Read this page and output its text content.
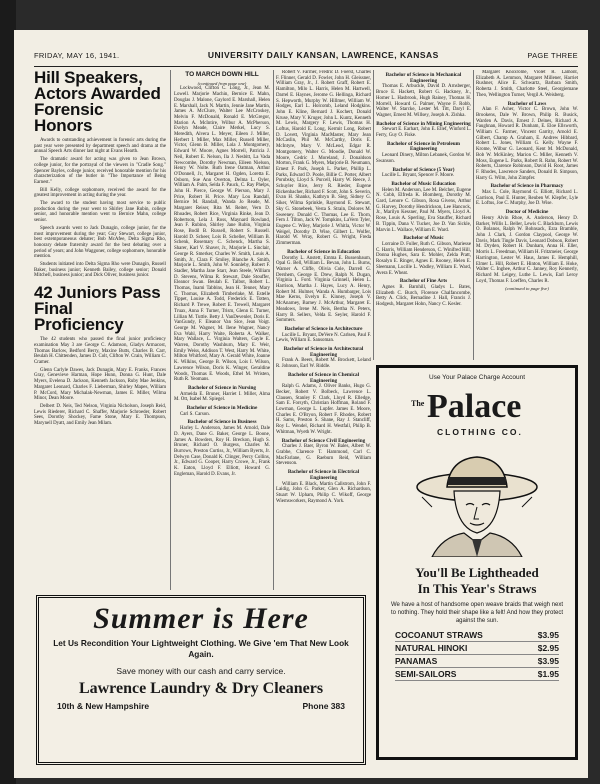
FRIDAY, MAY 16, 1941.	UNIVERSITY DAILY KANSAN, LAWRENCE, KANSAS	PAGE THREE
Hill Speakers, Actors Awarded Forensic Honors

Awards to outstanding achievement in forensic arts during the past year were presented by department speech and drama at the annual Speech Arts dinner last night at Evans Hearth.

The dramatic award for acting was given to Jean Brown, college junior, for the portrayal of the viewers in "Cradle Song." Spencer Bayles, college junior, received honorable mention for his characterization of the butler in "The Importance of Being Earnest."

Bill Kelly, college sophomore, received the award for the greatest improvement in acting during the year.

The award to the student having most service to public production during the year went to Shirley Jane Rubin, college senior, and honorable mention went to Bernice Mahn, college senior.

Speech awards went to Jack Dunagin, college junior, for the most improvement during the year; Guy Stewart, college junior, best extemporaneous debater; Bob McAfee, Delta Sigma Rho, honorary debate fraternity award for the best debating over a period of years; and John Waggoner, college sophomore, honorable mention.

Students initiated into Delta Sigma Rho were Dunagin, Russell Baker, business junior; Kenneth Bailey, college senior; Donald Mitchell, business junior; and Dick Oliver, business junior.

42 Juniors Pass Final Proficiency

The 42 students who passed the final junior proficiency examination May 3 are George C. Adamson, Gladys Armacost, Thomas Barlow, Bedford Berry, Maxine Butts, Charles B. Carr, Beulah H. Chittenden, James D. Colt, Clifton W. Crain, William C. Cramer.

Glenn Carlyle Dawes, Jack Dunagin, Mary E. Franks, Frances Gray, Genevieve Harman, Hope Hunn, Donna G. Hunt, Dale Myers, Evelena D. Jackson, Kenneth Jackson, Ruby Mae Jenkins, Margaret Leonard, Charles F. Lieberman, Shirley Mapes, William P. McCord, Mary Michalak-Newman, James E. Miller, Wilma Minor, Dean Moore.

Delbert D. Neis, Ted Nelson, Virginia Nicholson, Joseph Reid, Lewis Riederer, Richard C. Shaffer, Marjorie Schroeder, Robert Sees, Dorothy Shockey, Fame Stone, Mary E. Thompson, Marynell Dyatt, and Emily Jean Milam.

TO MARCH DOWN HILL
(continued from page one)

Lockwood, Clifton C. Long, Jr., Jean M. Lowell. Marjorie Machin, Bernice E. Mahn, Douglas J. Malone, Gaylord E. Marshall, Helen E. Marshall, Jack N. Martin, Jennie Jane Martin, James A. McClure, Walter Lee McCroskey, Melvin F. McDonald, Ronald E. McGregor, Marion A. McIntire, Wilbur A. McPherson, Evelyn Meade, Claire Merkel, Lucy S. Meredith, Alvera L. Meyer, Eileen J. Miller, Herbert I. Miller, Max Miller, Russell Miller, Victor, Glenn B. Miller, Lola J. Montgomery, Edward W. Moore, Agnes Morrell, Patricia J. Neil, Robert E. Nelson, Ila J. Nesbitt, La Vada Newcombe, Dorothy Newman, Eileen Nielson, Henry W. Nolte. Ruth Irene Oatman, Arthur O'Donnell, Jr., Margaret H. Ogden, Loretta E. Osborn, Sue Ann Overton, Delma L. Oyler, William A. Palm, Selda F. Pauck, C. Ray Phelps, John H. Pierce, George W. Pierson, Mary J. Price, Robert H. Price. Mary Lou Randall, Bernice M. Randall, Wanda Jo Reade, M. Margaret Reiser, Rita M. Reiter, Vern D. Rhoades, Robert Rice, Virginia Rinke, Jean D. Robertson, Lela J. Ross, Maynard Rowland, Jean F. Rubino, Shirley Jane Rubin, Virginia Rose, Bodil B. Russell, Robert S. Russell. Harold D. Scheer, Lois B. Scheller, William B. Schenk, Rosemary C. Schenck, Martha S. Sharer, Karl V. Shaver, Jr., Marjorie L. Sinclair, George R. Smerker, Charles W. Smith, Louis A. Smith, Jr., Clara F. Smiley, Blanche A. Smith, Marjorie L. Smith, John W. Sonnleby, Robert F. Stadler, Martha Jane Starr, Jean Steele, William D. Stevens, Wilma R. Stewart, Dale Stouffer, Eleanor Swan. Beulah E. Talbot, Robert L. Thomas, Inami Tabbins, Jean H. Tenner, Mary C. Thomas, Elizabeth Timberlake, M. Estelle Tippet, Louise A. Todd, Frederick E. Totten, Richard P. Trewe, Robert E. Trewell, Margaret Truax, Anna F. Turner, Trism, Glenn E. Turner, Lillian M. Tuttle. Betty J. VanDevenler, Doris E. VanGundy, F. Eleanor Van Sice, Jean Voigt. George M. Wagner, M. Ilene Wagner, Nancy Eva Wahl, Harry Waite, Roberta A. Walker, Mary Wallace, L. Virginia Walters, Gayle E. Warren, Dorothy Washburn, Mary E. Weir, Emily Weiss, Addison T. West, Harry M. White, Milton Whitford, Mary A. Gerald White, Joanne K. Wilkins, George B. Wilson, Lois I. Wilson, Lawrence Wilson, Doris K. Winger, Geraldine Woods, Thomas E. Woods, Ethel M. Wristen, Ruth R. Yeomans.

Bachelor of Science in Nursing

Armeida E. Bruner, Harriet I. Miller, Alma M. Ott, Isabel M. Spiegel.

Bachelor of Science in Medicine

Carl S. Carson.

Bachelor of Science in Business

Harley L. Anderson, James M. Arnold, Dale D. Ayers, Dane G. Baker, George L. Boone, James A. Bowders, Roy H. Breckon, Hugh S. Bruner, Richard O. Burgess, Charles M. Burrows, Preston Curtiss, Jr., William Byerts, Jr. Delwyn Case, Donald K. Clinger, Percy Collins, Jr., Edward G. Cooper, Harry Crowe, Jr., Frank K. Eaton, Lloyd F. Elliott, Howard G. Engleman, Harold D. Evans, Jr.

Robert V. Farmer, Fredric D. Foerst, Charles F. Flinner, Gerald D. Fowler, John H. Gleissner, William Gray, Jr., J. Robert Graff, Robert E. Hamilton, Milo L. Harris, Helen M. Hartwell, Darrel E. Haynes, Jerome G. Hellinga, Richard S. Hepworth, Murphy W. Hillmer, William W. Hodges, Earl L. Holcomb, Leland Hodgkins. John E. Kline, Bernard J. Kochert, Donald Kruse, Mary V. Kruger, John L. Kuntz, Kenneth M. Lewis, Margery F. Lewis, Thomas H. Loftus, Harold E. Long, Kermit Long, Robert D. Lovett, Virginia MacMaster, Mary Jean McCaslin, Phil M. McCarthy, Doris E. McIntyre, Mary V. McLeod, Edgar R. Montgomery, Walter G. Moodie, Donald W. Moore, Cedric J. Moreland, J. Donaldson Morton, Frank G. Myers, Marjorie B. Neumann, Ernest F. Park, Joseph L. Parker, Phillip L. Parks, Edward D. Poole, Billie C. Porter, Albert Porubsky, Lloyd S. Purcell, Harry W. Reece, J. Schuyler Rice, Jerry R. Rieder, Eugene Rickenbacher, Richard F. Scott, John S. Severin, Evan H. Shanks, Kathryn B. Sieg, Sidney G. Siker, Wilma Sprinkle, Raymond E. Stewart, Sky G. Stonebeek, Vesta S. Strain, Dolores M. Sweeney. Donald C. Thomas, Lee E. Thorn, Fern J. Tilton, Jack W. Tompkins, LaVern Tyler, Eugene C. Wiley, Marjorie J. Whitla, Victor W. Weigel, Dorothy D. Wise, Gilbert L. Wolfer, Harold W. Wray, Robert G. Wright, Freda Zimmerman.

Bachelor of Science in Education

Dorothy L. Anstett, Emma E. Bussenbaum, Opal G. Bell, William L. Bevan, John L. Burns, Warner A. Cliffe, Olivia Cole, Darrell G. Dershem, George E. Drew, Ralph N. Dugan, Virginia L. Ford. Virginia Grinnell, Helen L. Harrison, Martha J. Hayes, Lucy A. Henry, Robert M. Hulmer, Wanda A. Humbarger, Lois Mae Kerns, Evelyn E. Kinney, Joseph V. McAnarney, Barney J. McArthur, Margaret E. Meadows, Irene M. Neis, Bertha N. Peters, Harry B. Sellers, Velda E. Seyler, Harold F. Sommers.

Bachelor of Science in Architecture

Lucille L. Bryant, DeVere N. Carlsen, Paul F. Lewis, William E. Sansoman.

Bachelor of Science in Architectural Engineering

Frank A. Beers, Robert M. Brockett, Leland R. Johnson, Earl W. Riddle.

Bachelor of Science in Chemical Engineering

Ralph G. Adams, J. Oliver Banks, Hugo G. Becker, Robert V. Bolbeck, Lawrence L. Clausen, Stanley F. Clark, Lloyd R. Elledge, Sam E. Forsyth, Christian Hoffman, Roland F. Lowman, George L. Lupfer. James E. Moore, Charles E. O'Bryon, Robert F. Rhodes, Robert H. Sams, Preston S. Shane, Ray J. Stancliff, Roy L. Wendel, Richard H. Westfall, Philip B. Whitman, Wyeth W. Wright.

Bachelor of Science Civil Engineering

Charles J. Baer, Byron W. Bales, Albert W. Grabhe, Clarence T. Hammond, Carl C. MacFarlane, G. Raeburn Reid, William Stevenson.

Bachelor of Science in Electrical Engineering

William E. Black, Martin Callstrom, John F. Laidig, John G. Parker, Glen A. Richardson, Stuart W. Upham, Philip C. Wikoff, George Wiemsworkers, Raymond A. York.

Bachelor of Science in Mechanical Engineering

Thomas E. Arbuckle, David D. Arnsberger, Bruce E. Hackett, Robert G. Hackney, Jr., Homer L. Hasbrook, Hugh Rainey, Thomas H. Morrell, Howard G. Palmer, Wayne F. Robb, Walter W. Starcke, Lester M. Titt, Daryl E. Wagner, Ernest M. Willsey, Joseph A. Zishka.

Bachelor of Science in Mining Engineering

Stewart E. Earhart, John E. Ellef, Winford L. Ferry, Guy O. Fiske.

Bachelor of Science in Petroleum Engineering

Leonard Dinery, Milton Lebanek, Gordon W. Swanson.

Bachelor of Science (5 Year)

Lucille L. Bryant, Spencer F. Moore.

Bachelor of Music Education

Helen M. Anderson, Lee M. Belcher, Eugene N. Cobb, Elfreda K. Blomberg, Dorothy M. Gard, Lenore C. Gibson, Rosa Givens, Arthur G. Harvey, Dorothy Hendrickson, Lee Hancock, Jr., Marilyn Kessner, Paul M. Myers, Lloyd A. Rose, Louis A. Sperling, Eva Stauffer, Richard B. Tippin, Dana V. Tucker, Joe D. Van Sickle, Marvin L. Wallace, William E. Ward.

Bachelor of Music

Lorraine D. Fuller, Ruth C. Gibson, Mariesse C. Harris, William Henderson, C. Winifred Hill, Donna Hughes, Sara E. Mohler, Zelda Pratt, Rosalyn E. Ringer, Agnes E. Rooney, Helen E. Sleemann, Lucille L. Wadley, William E. Ward, Avera E. Wheat.

Bachelor of Fine Arts

Agnes R. Barnhill, Gladys L. Bates, Elizabeth C. Burch, Florence Chalfancombe, Betty A. Click, Bernadine J. Hall, Francis J. Hodgesh, Margaret Hohn, Nancy C. Kesler.

Margaret Knoxrome, Violet R. Lamont, Elizabeth A. Lemmon, Margaret Millener, Harriet Rushner, Alice E. Schwartz, Barbara Smith, Roberta J. Smith, Charlotte Steel, Georgiemane Theo, Wellington Turner, Vergil A. Weisberg.

Bachelor of Laws

Alan F. Asher, Victor C. Brown, John W. Brookens, Dale W. Brown, Philip R. Busick, Warden A. Davis, Ernest J. Deines, Richard A. Faughnan, Howard R. Dunham, E. Eloe Ellsworth, William C. Farmer, Vincent Garrity, Arnold E. Gilbert, Champ A. Graham, E. Andrew Hibbard, Robert L. Jones, William G. Kelly. Wayne F. Krome, Wilbur G. Leonard, Kent M. McDonald, Bob W. McKinley, Marion C. Miller, Kenneth V. Moss, Eugene L. Parks, Robert R. Rahn, Robert W. Roberts, Clarence Robinson, David H. Root, James F. Rhodes, Lawrence Sanders, Donald B. Simpson, Harry G. Wilm, John Zimpfer.

Bachelor of Science in Pharmacy

Max L. Cole, Raymond G. Elliott, Richard L. Garrison, Paul E. Hunter, Reuben W. Klepfer, Lyle E. Loftus, Joe C. Murphy, Joe D. Wise.

Doctor of Medicine

Henry Alvin Rhoe, A. Anderson, Henry D. Barker, Willis L. Beller, Lewis C. Blackburn, Lewis O. Bolanos, Ralph W. Bohnsack, Ezra Bramble, John J. Clark, J. Gordon Claypool, George W. Davis, Mark Tingle Davis, Leonard Dobson, Robert M. Dryden, Robert H. Dunham, Anna H. Eller, Morris L. Freedman, William H. Fritzmeier, George Harrington, Lester W. Haus, James E. Hemphill, Elmer L. Hill, Robert E. Hinton, William E. Hoke, Walter C. Inghee, Arthur C. Janney, Roy Kennerly, Richard M. Leigey, Luthe L. Lewis, Earl Leroy Loyd, Thomas F. Loeffen, Charles R.

(continued to page five)
Summer is Here
Let Us Recondition Your Lightweight Clothing. We Give 'em That New Look Again.
Save money with our cash and carry service.
Lawrence Laundry & Dry Cleaners
10th & New Hampshire	Phone 383
Use Your Palace Charge Account
The Palace
CLOTHING CO.
You'll Be Lightheaded
In This Year's Straws
We have a host of handsome open weave braids that weigh next to nothing. They hold their shape like a felt! And how they protect against the sun.
COCOANUT STRAWS	$3.95
NATURAL HINOKI	$2.95
PANAMAS	$3.95
SEMI-SAILORS	$1.95
